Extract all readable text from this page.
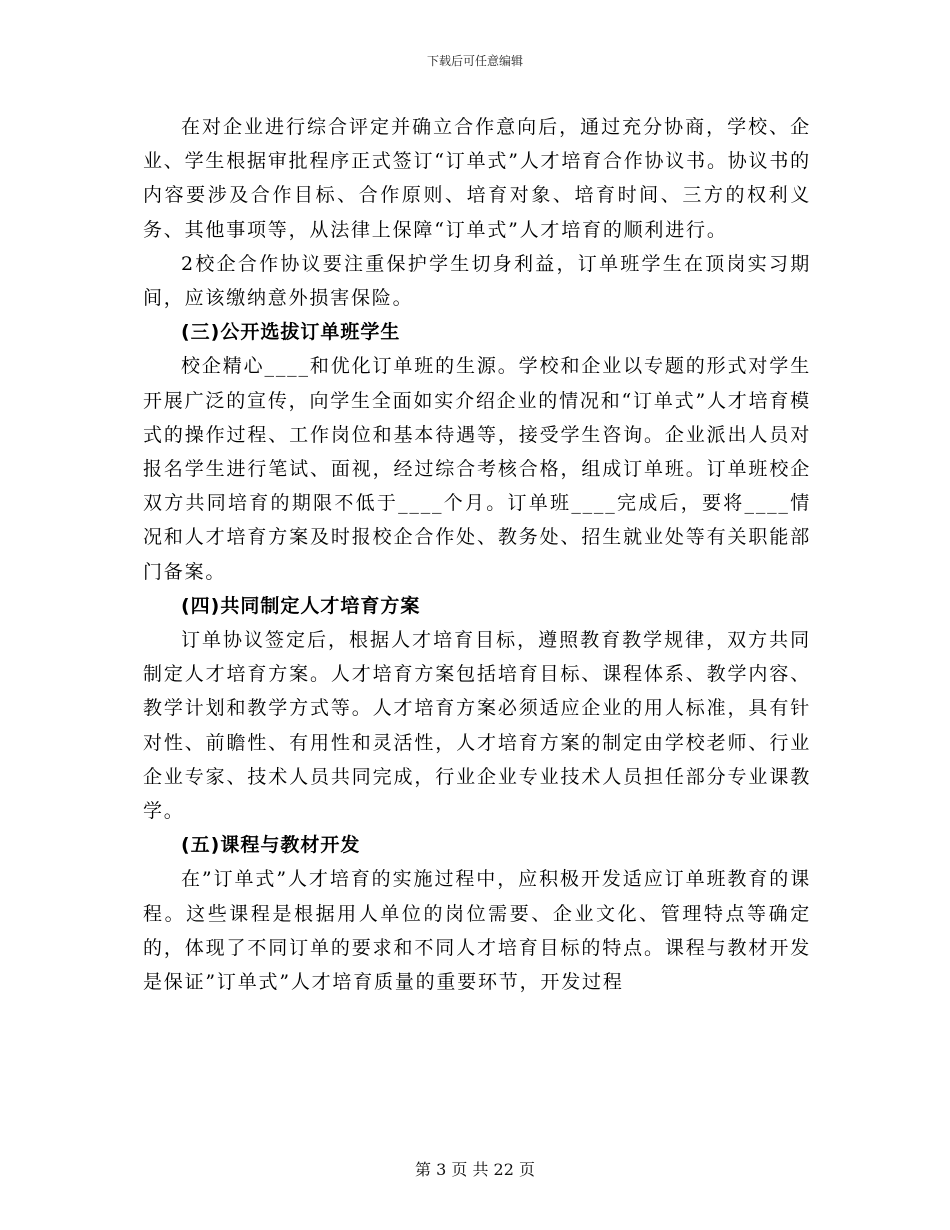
下载后可任意编辑

在对企业进行综合评定并确立合作意向后，通过充分协商，学校、企业、学生根据审批程序正式签订“订单式”人才培育合作协议书。协议书的内容要涉及合作目标、合作原则、培育对象、培育时间、三方的权利义务、其他事项等，从法律上保障“订单式”人才培育的顺利进行。

2校企合作协议要注重保护学生切身利益，订单班学生在顶岗实习期间，应该缴纳意外损害保险。

(三)公开选拔订单班学生

校企精心____和优化订单班的生源。学校和企业以专题的形式对学生开展广泛的宣传，向学生全面如实介绍企业的情况和“订单式”人才培育模式的操作过程、工作岗位和基本待遇等，接受学生咨询。企业派出人员对报名学生进行笔试、面视，经过综合考核合格，组成订单班。订单班校企双方共同培育的期限不低于____个月。订单班____完成后，要将____情况和人才培育方案及时报校企合作处、教务处、招生就业处等有关职能部门备案。

(四)共同制定人才培育方案

订单协议签定后，根据人才培育目标，遵照教育教学规律，双方共同制定人才培育方案。人才培育方案包括培育目标、课程体系、教学内容、教学计划和教学方式等。人才培育方案必须适应企业的用人标准，具有针对性、前瞻性、有用性和灵活性，人才培育方案的制定由学校老师、行业企业专家、技术人员共同完成，行业企业专业技术人员担任部分专业课教学。

(五)课程与教材开发

在”订单式”人才培育的实施过程中，应积极开发适应订单班教育的课程。这些课程是根据用人单位的岗位需要、企业文化、管理特点等确定的，体现了不同订单的要求和不同人才培育目标的特点。课程与教材开发是保证”订单式”人才培育质量的重要环节，开发过程

第 3 页 共 22 页
